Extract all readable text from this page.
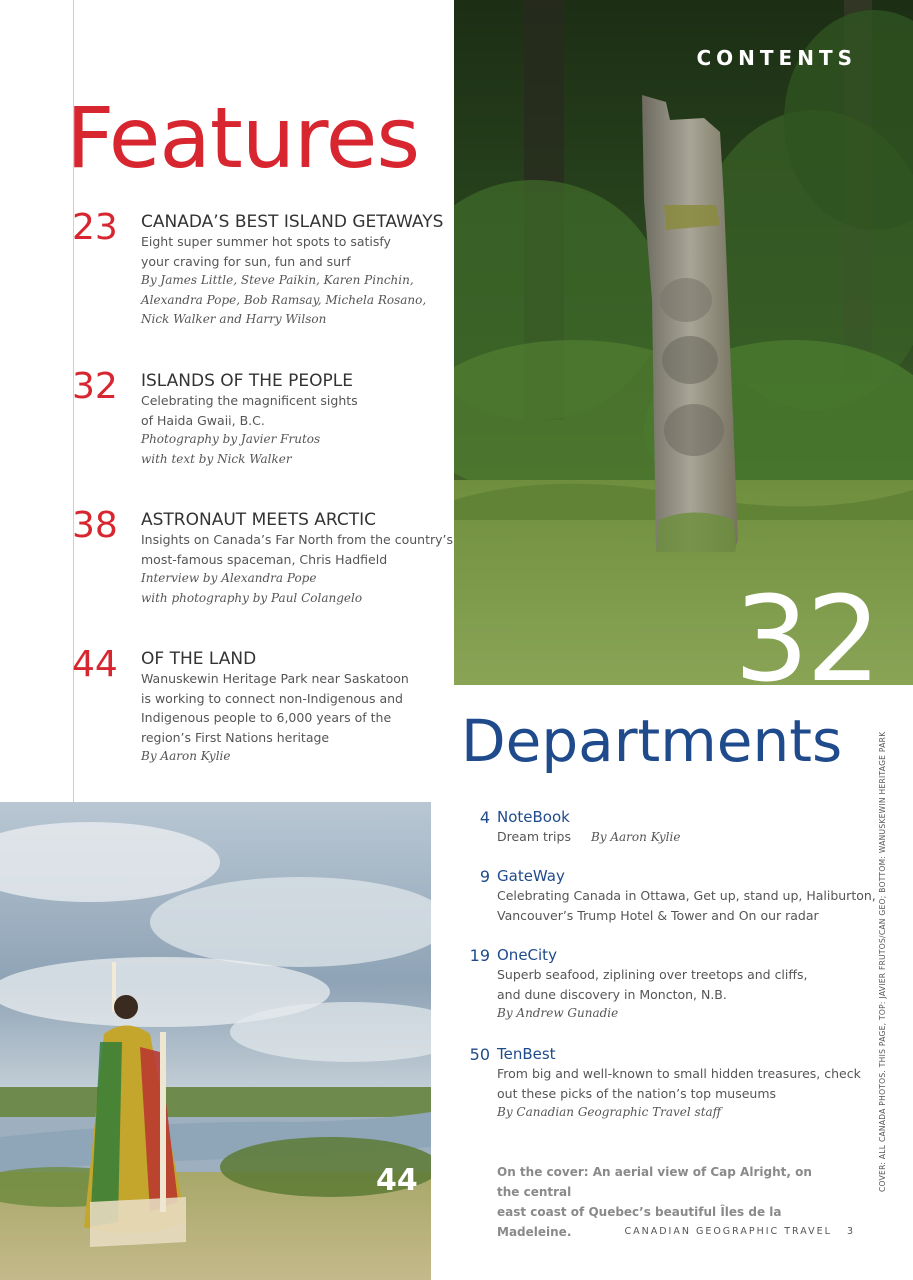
Features
23 CANADA’S BEST ISLAND GETAWAYS
Eight super summer hot spots to satisfy
your craving for sun, fun and surf
By James Little, Steve Paikin, Karen Pinchin,
Alexandra Pope, Bob Ramsay, Michela Rosano,
Nick Walker and Harry Wilson
32 ISLANDS OF THE PEOPLE
Celebrating the magnificent sights
of Haida Gwaii, B.C.
Photography by Javier Frutos
with text by Nick Walker
38 ASTRONAUT MEETS ARCTIC
Insights on Canada’s Far North from the country’s
most-famous spaceman, Chris Hadfield
Interview by Alexandra Pope
with photography by Paul Colangelo
44 OF THE LAND
Wanuskewin Heritage Park near Saskatoon
is working to connect non-Indigenous and
Indigenous people to 6,000 years of the
region’s First Nations heritage
By Aaron Kylie
CONTENTS
32
Departments
4 NoteBook
Dream trips By Aaron Kylie
9 GateWay
Celebrating Canada in Ottawa, Get up, stand up, Haliburton,
Vancouver’s Trump Hotel & Tower and On our radar
19 OneCity
Superb seafood, ziplining over treetops and cliffs,
and dune discovery in Moncton, N.B.
By Andrew Gunadie
50 TenBest
From big and well-known to small hidden treasures, check
out these picks of the nation’s top museums
By Canadian Geographic Travel staff
44	On the cover: An aerial view of Cap Alright, on the central
east coast of Quebec’s beautiful Îles de la Madeleine.
COVER: ALL CANADA PHOTOS. THIS PAGE, TOP: JAVIER FRUTOS/CAN GEO; BOTTOM: WANUSKEWIN HERITAGE PARK
CANADIAN GEOGRAPHIC TRAVEL 3
